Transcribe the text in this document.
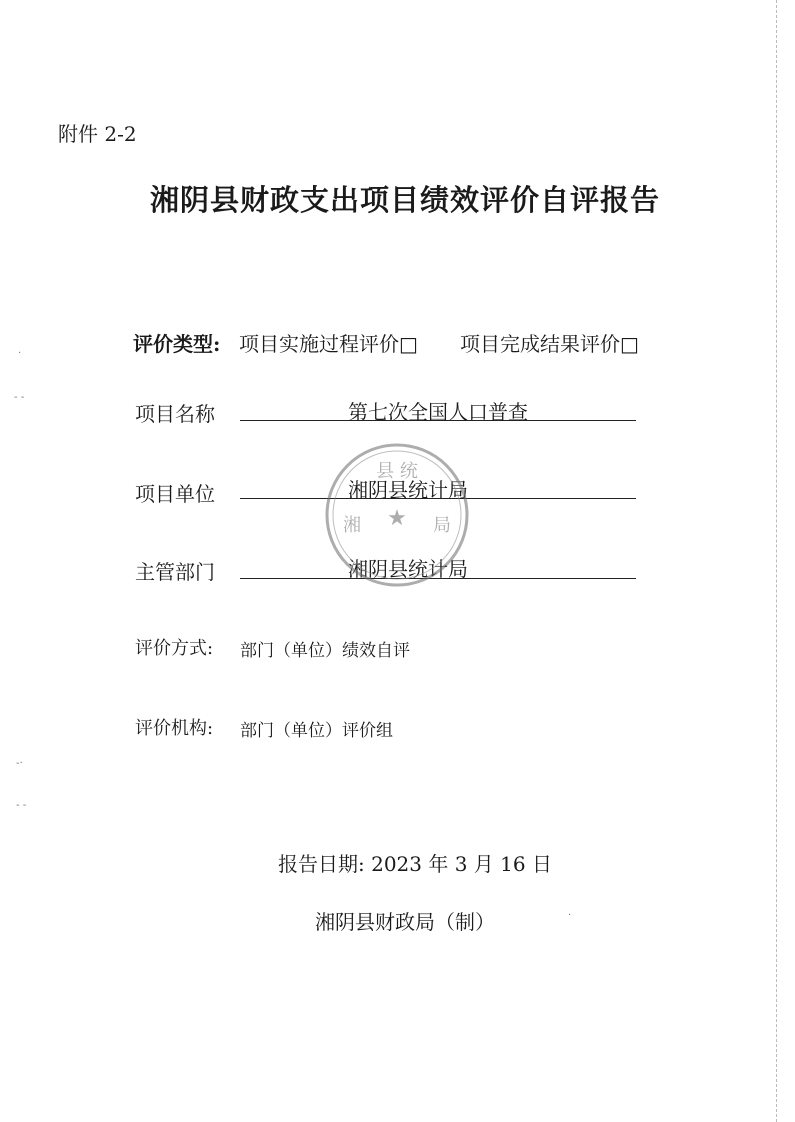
附件 2-2
湘阴县财政支出项目绩效评价自评报告
评价类型: 项目实施过程评价□ 项目完成结果评价□
项目名称	第七次全国人口普查
项目单位	湘阴县统计局
主管部门	湘阴县统计局
县 统
湘	局
★
评价方式: 部门（单位）绩效自评
评价机构: 部门（单位）评价组
报告日期: 2023 年 3 月 16 日
湘阴县财政局（制）
·
- -
-·
- -
·
